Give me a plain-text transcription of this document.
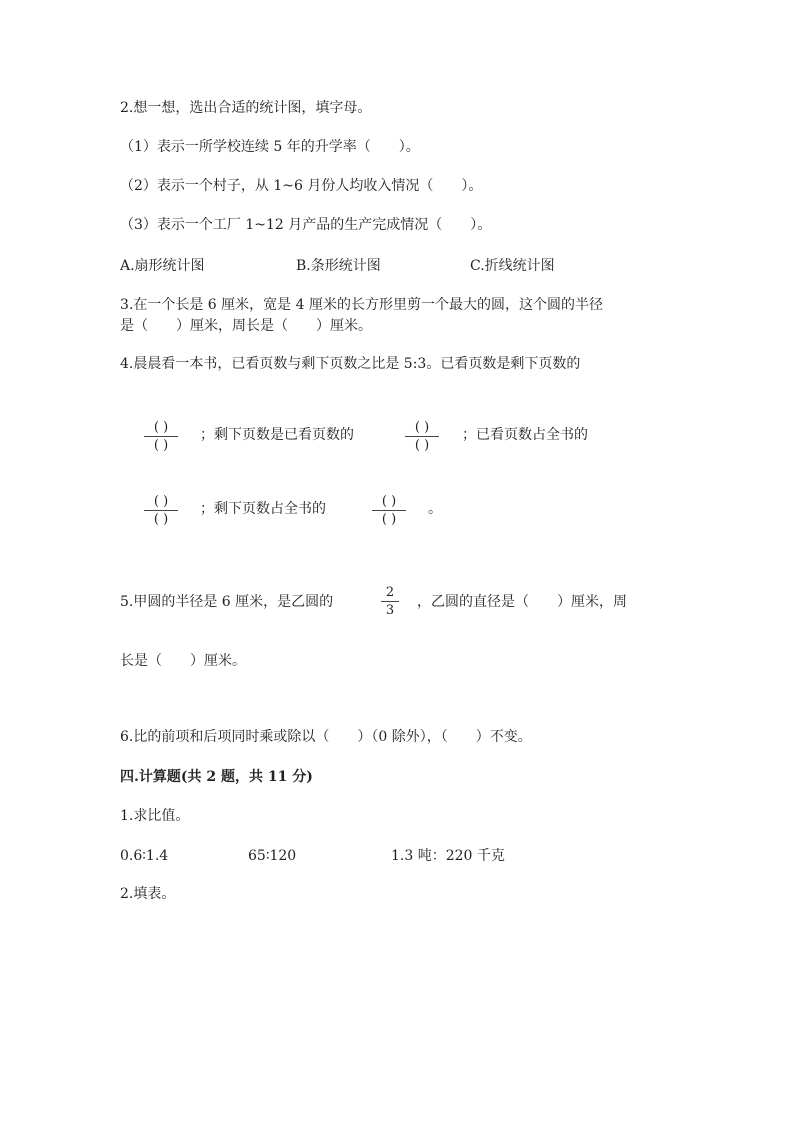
2.想一想，选出合适的统计图，填字母。
（1）表示一所学校连续 5 年的升学率（　　）。
（2）表示一个村子，从 1~6 月份人均收入情况（　　）。
（3）表示一个工厂 1~12 月产品的生产完成情况（　　）。
A.扇形统计图	B.条形统计图	C.折线统计图
3.在一个长是 6 厘米，宽是 4 厘米的长方形里剪一个最大的圆，这个圆的半径
是（　　）厘米，周长是（　　）厘米。
4.晨晨看一本书，已看页数与剩下页数之比是 5:3。已看页数是剩下页数的
( )
( )
；剩下页数是已看页数的	( )
( )
；已看页数占全书的
( )
( )
；剩下页数占全书的	( )
( )
。
5.甲圆的半径是 6 厘米，是乙圆的
2
3
，乙圆的直径是（　　）厘米，周
长是（　　）厘米。
6.比的前项和后项同时乘或除以（　　）（0 除外），（　　）不变。
四.计算题(共 2 题，共 11 分)
1.求比值。
0.6∶1.4	65∶120	1.3 吨：220 千克
2.填表。
